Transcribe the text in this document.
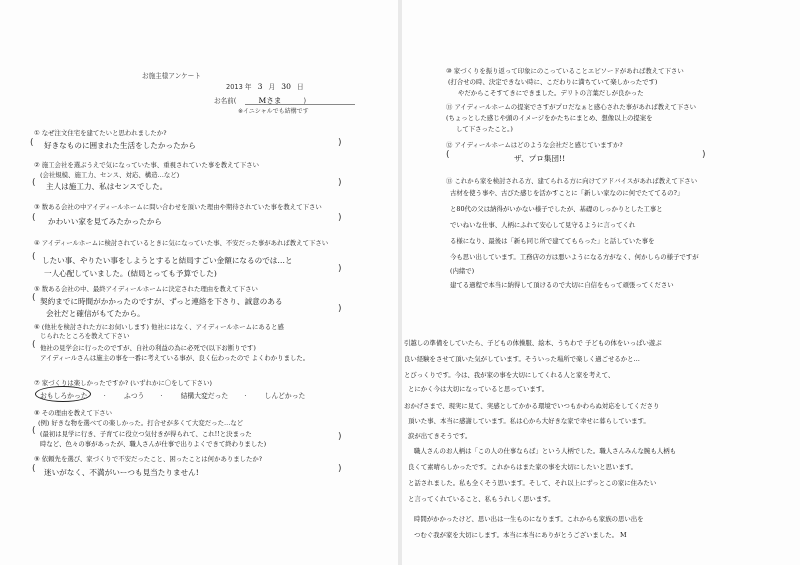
お施主様アンケート
2013 年 3 月 30 日
お名前(	Mさま	)
※イニシャルでも結構です
① なぜ注文住宅を建てたいと思われましたか?
( 好きなものに囲まれた生活をしたかったから	)
② 施工会社を選ぶうえで気になっていた事、重視されていた事を教えて下さい
(会社規模、施工力、センス、対応、構造…など)
( 主人は施工力、私はセンスでした。	)
③ 数ある会社の中アイディールホームに問い合わせを頂いた理由や期待されていた事を教えて下さい
( かわいい家を見てみたかったから	)
④ アイディールホームに検討されているときに気になっていた事、不安だった事があれば教えて下さい
( したい事、やりたい事をしようとすると結局すごい金額になるのでは…と
一人心配していました。(結局とっても予算でした)	)
⑤ 数ある会社の中、最終アイディールホームに決定された理由を教えて下さい
( 契約までに時間がかかったのですが、ずっと連絡を下さり、誠意のある
会社だと確信がもてたから。	)
⑥ (他社を検討された方にお伺いします) 他社にはなく、アイディールホームにあると感
じられたところを教えて下さい
( 他社の見学会に行ったのですが、自社の利益の為に必死で(以下お断りです)
アイディールさんは施主の事を一番に考えている事が、良く伝わったので よくわかりました。
⑦ 家づくりは楽しかったですか? (いずれかに〇をして下さい)
おもしろかった · ふつう · 結構大変だった · しんどかった
⑧ その理由を教えて下さい
(例) 好きな物を選べての楽しかった。打合せが多くて大変だった…など
( (最初は見学に行き、子育てに役立つ気付きが得られて、これ!!と決まった
時など、色々の事があったが、職人さんが仕事で出りよくできて終わりました)
)
⑨ 依頼先を選び、家づくりで不安だったこと、困ったことは何かありましたか?
( 迷いがなく、不満がいーつも見当たりません!	)
⑩ 家づくりを振り返って印象にのこっていることエピソードがあれば教えて下さい
(打合せの時、決定できない時に、こだわりに満ちていて楽しかったです)
やだからこそすてきにできました。デリトの言葉だしが良かった
⑪ アイディールホームの提案でさすがプロだなぁと感心された事があれば教えて下さい
(ちょっとした感じや頭のイメージをかたちにまとめ、想像以上の提案を
して下さったこと。)
⑫ アイディールホームはどのような会社だと感じていますか?
(	ザ、プロ集団!!	)
⑬ これから家を検討される方、建てられる方に向けてアドバイスがあれば教えて下さい
古材を使う事や、古びた感じを活かすことに「新しい家なのに何でたててるの?」
と80代の父は納得がいかない様子でしたが、基礎のしっかりとした工事と
でいねいな仕事、人柄にふれて安心して見守るように言ってくれ
る様になり、最後は「新も同じ所で建ててもらった」と話していた事を
今も思い出しています。工務店の方は悪いようになる方がなく、何かしらの様子ですが
(内緒で)
建てる過程で本当に納得して頂けるので大切に自信をもって頑張ってください
引越しの準備をしていたら、子どもの体操服、絵本、うちわで 子どもの体をいっぱい遊ぶ
良い経験をさせて頂いた気がしています。そういった場所で楽しく過ごせるかと…
とびっくりです。今は、我が家の事を大切にしてくれる人と家を考えて、
とにかく今は大切になっていると思っています。
おかげさまで、現実に見て、実感としてかかる環境でいつもかわらぬ対応をしてくださり
頂いた事、本当に感謝しています。私は心から大好きな家で幸せに暮らしています。
涙が出てきそうです。
職人さんのお人柄は「この人の仕事ならば」という人柄でした。職人さんみんな腕も人柄も
良くて素晴らしかったです。これからはまた家の事を大切にしたいと思います。
と話されました。私も全くそう思います。そして、それ以上にずっとこの家に住みたい
と言ってくれていること、私もうれしく思います。
時間がかかったけど、思い出は一生ものになります。これからも家族の思い出を
つむぐ我が家を大切にします。本当に本当にありがとうございました。 M
